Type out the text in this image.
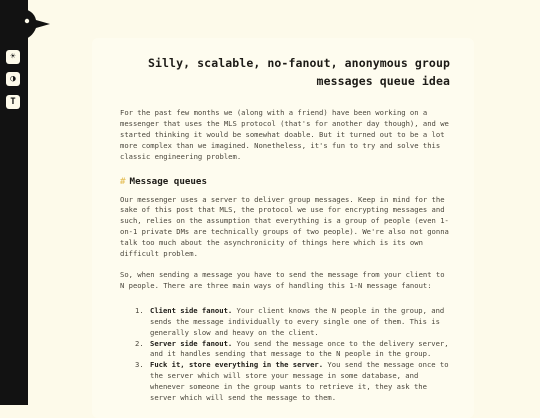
☀
◑
T
Silly, scalable, no-fanout, anonymous group
messages queue idea

For the past few months we (along with a friend) have been working on a messenger that uses the MLS protocol (that's for another day though), and we started thinking it would be somewhat doable. But it turned out to be a lot more complex than we imagined. Nonetheless, it's fun to try and solve this classic engineering problem.

# Message queues

Our messenger uses a server to deliver group messages. Keep in mind for the sake of this post that MLS, the protocol we use for encrypting messages and such, relies on the assumption that everything is a group of people (even 1-on-1 private DMs are technically groups of two people). We're also not gonna talk too much about the asynchronicity of things here which is its own difficult problem.

So, when sending a message you have to send the message from your client to N people. There are three main ways of handling this 1-N message fanout:

1. Client side fanout. Your client knows the N people in the group, and sends the message individually to every single one of them. This is generally slow and heavy on the client.
2. Server side fanout. You send the message once to the delivery server, and it handles sending that message to the N people in the group.
3. Fuck it, store everything in the server. You send the message once to the server which will store your message in some database, and whenever someone in the group wants to retrieve it, they ask the server which will send the message to them.
